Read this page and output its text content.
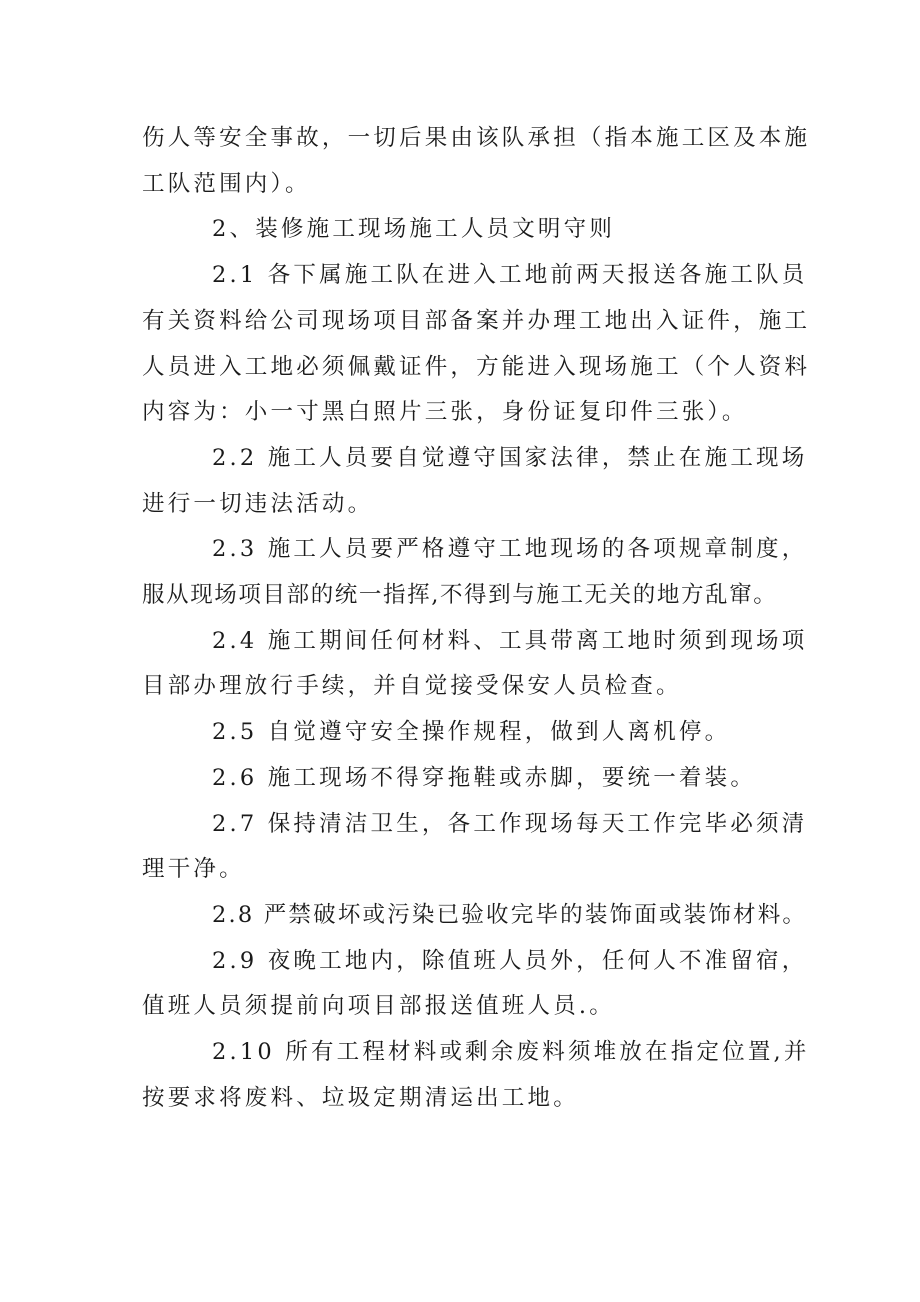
伤人等安全事故，一切后果由该队承担（指本施工区及本施
工队范围内）。

2、装修施工现场施工人员文明守则

2.1 各下属施工队在进入工地前两天报送各施工队员
有关资料给公司现场项目部备案并办理工地出入证件，施工
人员进入工地必须佩戴证件，方能进入现场施工（个人资料
内容为：小一寸黑白照片三张，身份证复印件三张）。

2.2 施工人员要自觉遵守国家法律，禁止在施工现场
进行一切违法活动。

2.3 施工人员要严格遵守工地现场的各项规章制度，
服从现场项目部的统一指挥,不得到与施工无关的地方乱窜。

2.4 施工期间任何材料、工具带离工地时须到现场项
目部办理放行手续，并自觉接受保安人员检查。

2.5 自觉遵守安全操作规程，做到人离机停。

2.6 施工现场不得穿拖鞋或赤脚，要统一着装。

2.7 保持清洁卫生，各工作现场每天工作完毕必须清
理干净。

2.8 严禁破坏或污染已验收完毕的装饰面或装饰材料。

2.9 夜晚工地内，除值班人员外，任何人不准留宿，
值班人员须提前向项目部报送值班人员.。

2.10 所有工程材料或剩余废料须堆放在指定位置,并
按要求将废料、垃圾定期清运出工地。
